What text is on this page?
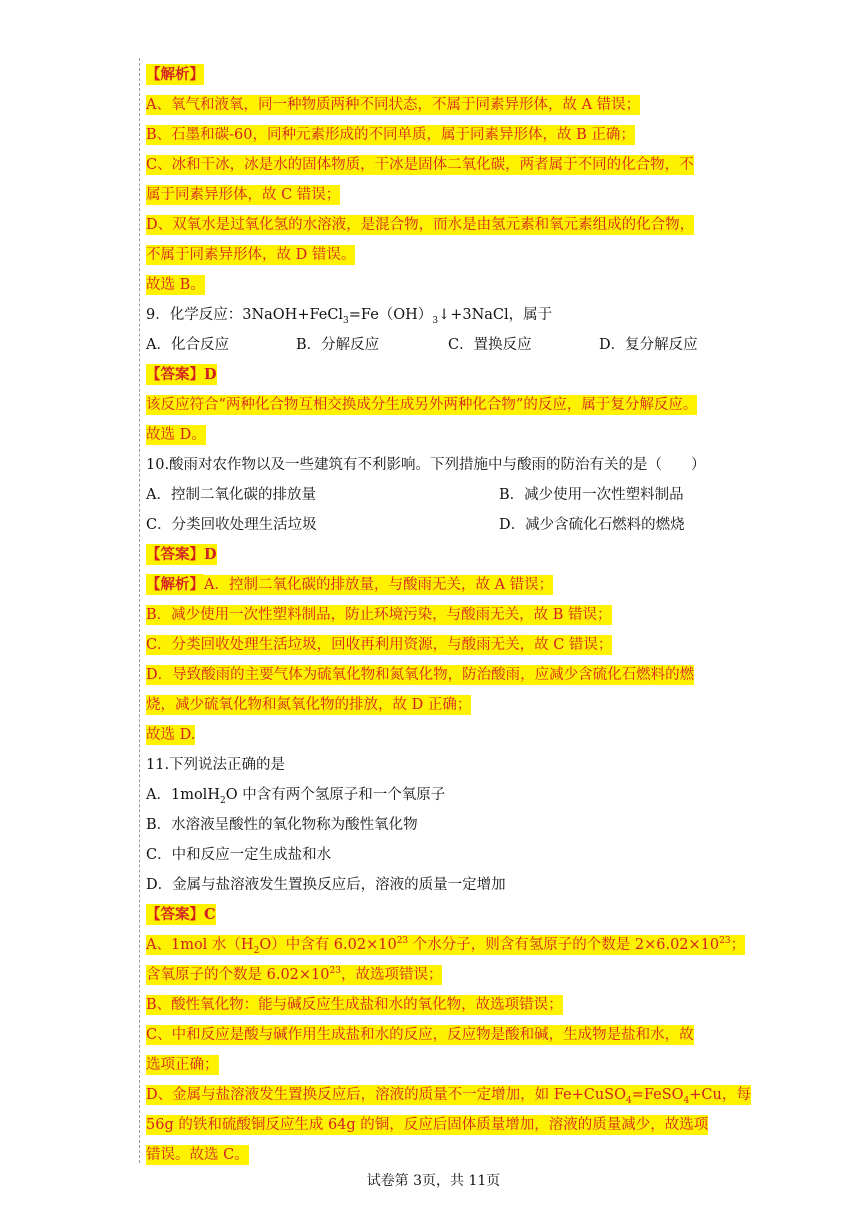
【解析】
A、氧气和液氧，同一种物质两种不同状态，不属于同素异形体，故 A 错误；
B、石墨和碳-60，同种元素形成的不同单质，属于同素异形体，故 B 正确；
C、冰和干冰，冰是水的固体物质，干冰是固体二氧化碳，两者属于不同的化合物，不
属于同素异形体，故 C 错误；
D、双氧水是过氧化氢的水溶液，是混合物，而水是由氢元素和氧元素组成的化合物，
不属于同素异形体，故 D 错误。
故选 B。
9．化学反应：$3NaOH+FeCl_3=Fe(OH)_3↓+3NaCl$，属于
A．化合反应	B．分解反应	C．置换反应	D．复分解反应
【答案】D
该反应符合“两种化合物互相交换成分生成另外两种化合物”的反应，属于复分解反应。
故选 D。
10.酸雨对农作物以及一些建筑有不利影响。下列措施中与酸雨的防治有关的是（　　）
A．控制二氧化碳的排放量	B．减少使用一次性塑料制品
C．分类回收处理生活垃圾	D．减少含硫化石燃料的燃烧
【答案】D
【解析】A．控制二氧化碳的排放量，与酸雨无关，故 A 错误；
B．减少使用一次性塑料制品，防止环境污染，与酸雨无关，故 B 错误；
C．分类回收处理生活垃圾，回收再利用资源，与酸雨无关，故 C 错误；
D．导致酸雨的主要气体为硫氧化物和氮氧化物，防治酸雨，应减少含硫化石燃料的燃
烧，减少硫氧化物和氮氧化物的排放，故 D 正确；
故选 D.
11.下列说法正确的是
A．1molH$_2$O 中含有两个氢原子和一个氧原子
B．水溶液呈酸性的氧化物称为酸性氧化物
C．中和反应一定生成盐和水
D．金属与盐溶液发生置换反应后，溶液的质量一定增加
【答案】C
A、1mol 水$(H_2O)$中含有 $6.02\times 10^{23}$ 个水分子，则含有氢原子的个数是 $2\times 6.02\times 10^{23}$；
含氧原子的个数是 $6.02\times 10^{23}$，故选项错误；
B、酸性氧化物：能与碱反应生成盐和水的氧化物，故选项错误；
C、中和反应是酸与碱作用生成盐和水的反应，反应物是酸和碱，生成物是盐和水，故
选项正确；
D、金属与盐溶液发生置换反应后，溶液的质量不一定增加，如 Fe+CuSO$_4$=FeSO$_4$+Cu，每
56g 的铁和硫酸铜反应生成 64g 的铜，反应后固体质量增加，溶液的质量减少，故选项
错误。故选 C。
试卷第 3页，共 11页
